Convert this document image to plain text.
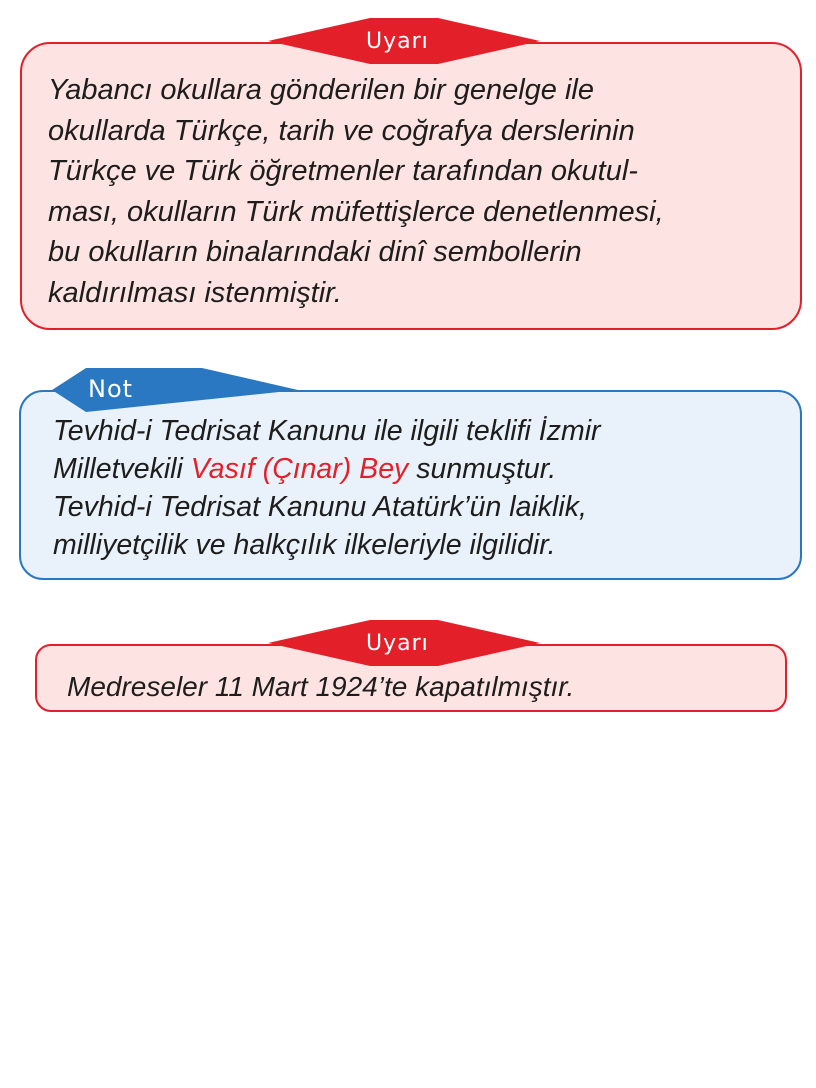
Yabancı okullara gönderilen bir genelge ile
okullarda Türkçe, tarih ve coğrafya derslerinin
Türkçe ve Türk öğretmenler tarafından okutul-
ması, okulların Türk müfettişlerce denetlenmesi,
bu okulların binalarındaki dinî sembollerin
kaldırılması istenmiştir.

Uyarı

Tevhid-i Tedrisat Kanunu ile ilgili teklifi İzmir
Milletvekili Vasıf (Çınar) Bey sunmuştur.
Tevhid-i Tedrisat Kanunu Atatürk’ün laiklik,
milliyetçilik ve halkçılık ilkeleriyle ilgilidir.

Not

Medreseler 11 Mart 1924’te kapatılmıştır.

Uyarı
